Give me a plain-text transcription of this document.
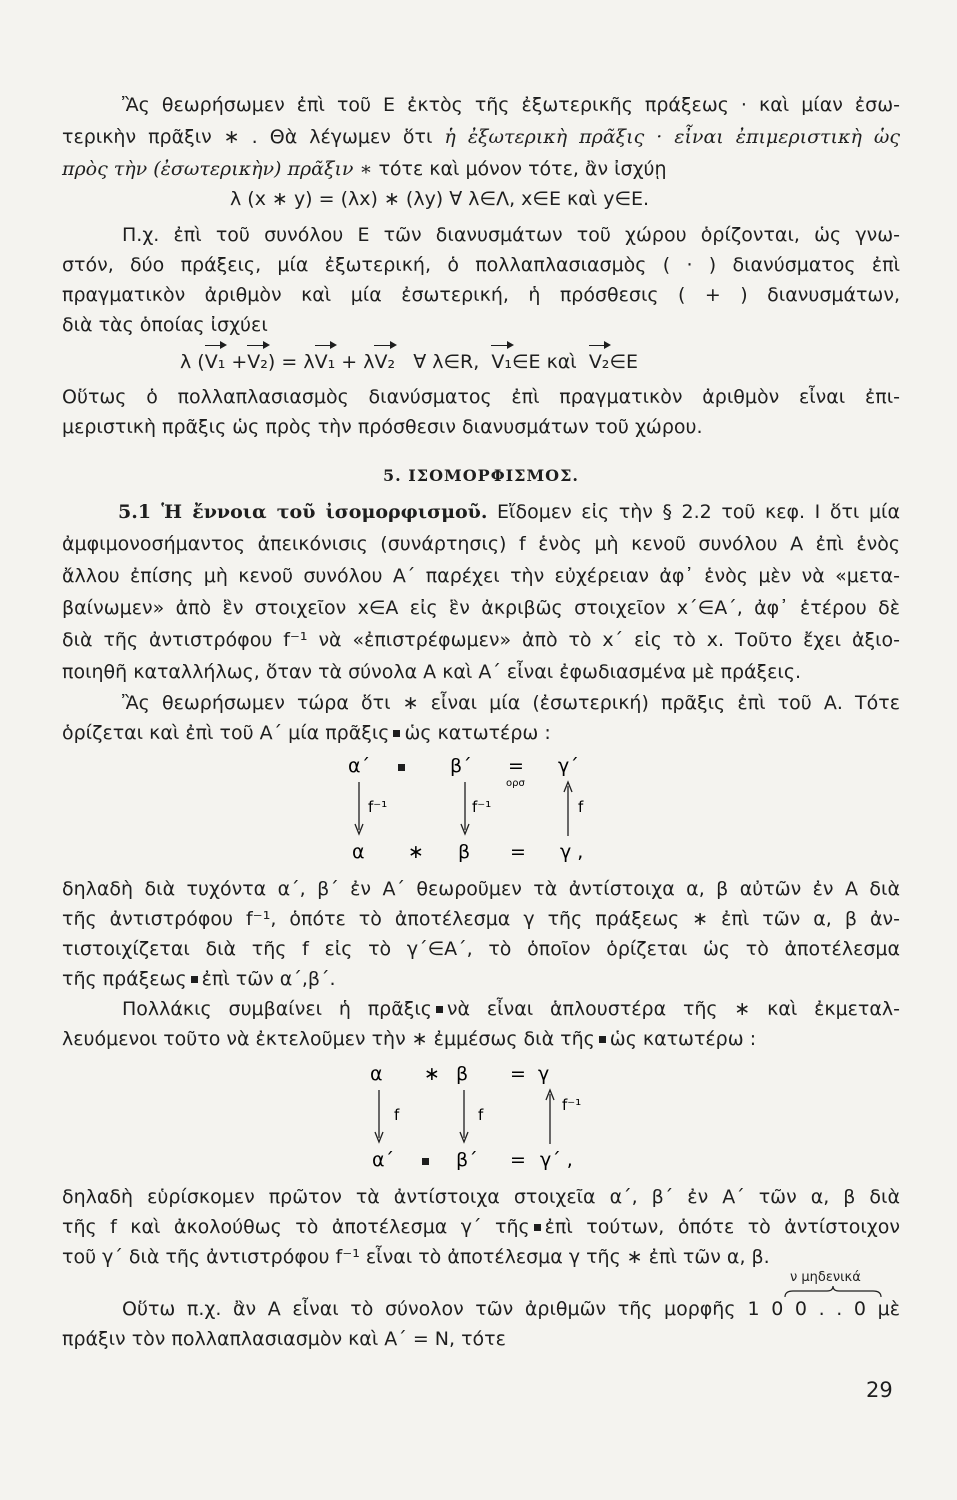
Ἂς θεωρήσωμεν ἐπὶ τοῦ Ε ἐκτὸς τῆς ἐξωτερικῆς πράξεως · καὶ μίαν ἐσω-
τερικὴν πρᾶξιν ∗ . Θὰ λέγωμεν ὅτι ἡ ἐξωτερικὴ πρᾶξις · εἶναι ἐπιμεριστικὴ ὡς
πρὸς τὴν (ἐσωτερικὴν) πρᾶξιν ∗ τότε καὶ μόνον τότε, ἂν ἰσχύῃ
λ (x ∗ y) = (λx) ∗ (λy) ∀ λ∈Λ, x∈E καὶ y∈E.
Π.χ. ἐπὶ τοῦ συνόλου Ε τῶν διανυσμάτων τοῦ χώρου ὁρίζονται, ὡς γνω-
στόν, δύο πράξεις, μία ἐξωτερική, ὁ πολλαπλασιασμὸς ( · ) διανύσματος ἐπὶ
πραγματικὸν ἀριθμὸν καὶ μία ἐσωτερική, ἡ πρόσθεσις ( + ) διανυσμάτων,
διὰ τὰς ὁποίας ἰσχύει
λ (V₁ +V₂) = λV₁ + λV₂   ∀ λ∈R,  V₁∈E καὶ  V₂∈E
Οὕτως ὁ πολλαπλασιασμὸς διανύσματος ἐπὶ πραγματικὸν ἀριθμὸν εἶναι ἐπι-
μεριστικὴ πρᾶξις ὡς πρὸς τὴν πρόσθεσιν διανυσμάτων τοῦ χώρου.
5. ΙΣΟΜΟΡΦΙΣΜΟΣ.
5.1 Ἡ ἔννοια τοῦ ἰσομορφισμοῦ. Εἴδομεν εἰς τὴν § 2.2 τοῦ κεφ. I ὅτι μία
ἀμφιμονοσήμαντος ἀπεικόνισις (συνάρτησις) f ἑνὸς μὴ κενοῦ συνόλου Α ἐπὶ ἑνὸς
ἄλλου ἐπίσης μὴ κενοῦ συνόλου Α΄ παρέχει τὴν εὐχέρειαν ἀφ᾽ ἑνὸς μὲν νὰ «μετα-
βαίνωμεν» ἀπὸ ἓν στοιχεῖον x∈A εἰς ἓν ἀκριβῶς στοιχεῖον x΄∈A΄, ἀφ᾽ ἑτέρου δὲ
διὰ τῆς ἀντιστρόφου f⁻¹ νὰ «ἐπιστρέφωμεν» ἀπὸ τὸ x΄ εἰς τὸ x. Τοῦτο ἔχει ἀξιο-
ποιηθῆ καταλλήλως, ὅταν τὰ σύνολα Α καὶ Α΄ εἶναι ἐφωδιασμένα μὲ πράξεις.
Ἂς θεωρήσωμεν τώρα ὅτι ∗ εἶναι μία (ἐσωτερική) πρᾶξις ἐπὶ τοῦ Α. Τότε
ὁρίζεται καὶ ἐπὶ τοῦ Α΄ μία πρᾶξις ὡς κατωτέρω :
α΄	β΄ =
ορσ
γ΄
f⁻¹	f⁻¹	f
α ∗ β = γ ,
δηλαδὴ διὰ τυχόντα α΄, β΄ ἐν Α΄ θεωροῦμεν τὰ ἀντίστοιχα α, β αὐτῶν ἐν Α διὰ
τῆς ἀντιστρόφου f⁻¹, ὁπότε τὸ ἀποτέλεσμα γ τῆς πράξεως ∗ ἐπὶ τῶν α, β ἀν-
τιστοιχίζεται διὰ τῆς f εἰς τὸ γ΄∈A΄, τὸ ὁποῖον ὁρίζεται ὡς τὸ ἀποτέλεσμα
τῆς πράξεως ἐπὶ τῶν α΄,β΄.
Πολλάκις συμβαίνει ἡ πρᾶξις νὰ εἶναι ἁπλουστέρα τῆς ∗ καὶ ἐκμεταλ-
λευόμενοι τοῦτο νὰ ἐκτελοῦμεν τὴν ∗ ἐμμέσως διὰ τῆς ὡς κατωτέρω :
α ∗ β = γ
f	f
f⁻¹
α΄	β΄ = γ΄ ,
δηλαδὴ εὑρίσκομεν πρῶτον τὰ ἀντίστοιχα στοιχεῖα α΄, β΄ ἐν Α΄ τῶν α, β διὰ
τῆς f καὶ ἀκολούθως τὸ ἀποτέλεσμα γ΄ τῆς ἐπὶ τούτων, ὁπότε τὸ ἀντίστοιχον
τοῦ γ΄ διὰ τῆς ἀντιστρόφου f⁻¹ εἶναι τὸ ἀποτέλεσμα γ τῆς ∗ ἐπὶ τῶν α, β.
ν μηδενικά
Οὕτω π.χ. ἂν Α εἶναι τὸ σύνολον τῶν ἀριθμῶν τῆς μορφῆς 1 0 0 . . 0 μὲ
πράξιν τὸν πολλαπλασιασμὸν καὶ Α΄ = N, τότε
29
